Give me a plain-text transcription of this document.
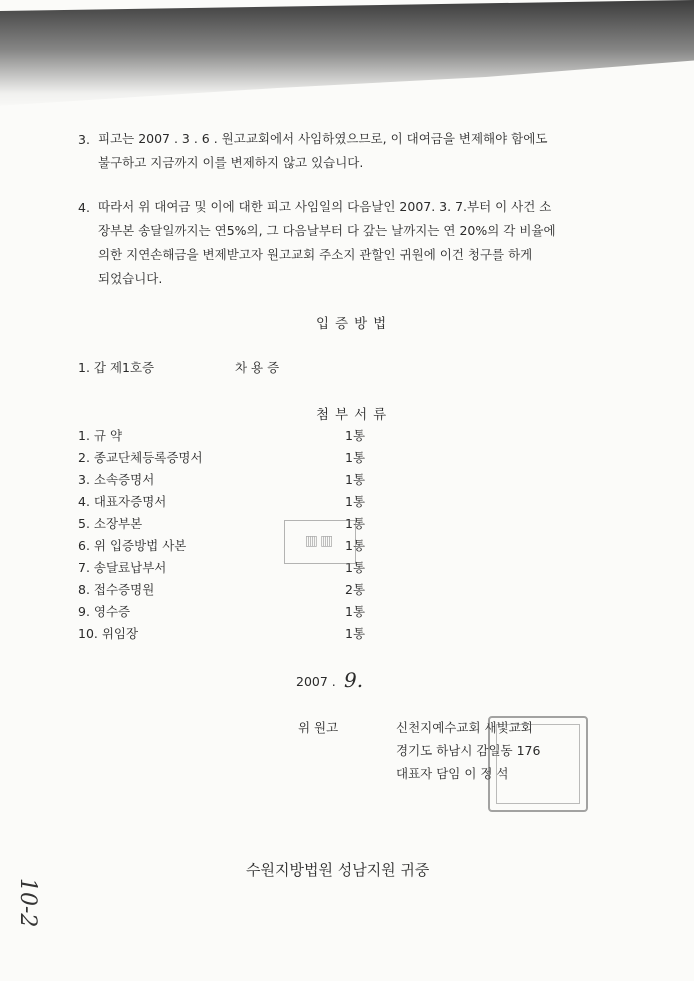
3. 피고는 2007 . 3 . 6 . 원고교회에서 사임하였으므로, 이 대여금을 변제해야 함에도
불구하고 지금까지 이를 변제하지 않고 있습니다.
4. 따라서 위 대여금 및 이에 대한 피고 사임일의 다음날인 2007. 3. 7.부터 이 사건 소
장부본 송달일까지는 연5%의, 그 다음날부터 다 갚는 날까지는 연 20%의 각 비율에
의한 지연손해금을 변제받고자 원고교회 주소지 관할인 귀원에 이건 청구를 하게
되었습니다.
입증방법
1. 갑 제1호증	차 용 증
첨부서류
1. 규 약	1통
2. 종교단체등록증명서	1통
3. 소속증명서	1통
4. 대표자증명서	1통
5. 소장부본	1통
6. 위 입증방법 사본	1통
7. 송달료납부서	1통
8. 접수증명원	2통
9. 영수증	1통
10. 위임장	1통
▥▥
2007 . 9.
위 원고	신천지예수교회 새빛교회
경기도 하남시 감일동 176
대표자 담임 이 정 석
수원지방법원 성남지원 귀중
10-2
